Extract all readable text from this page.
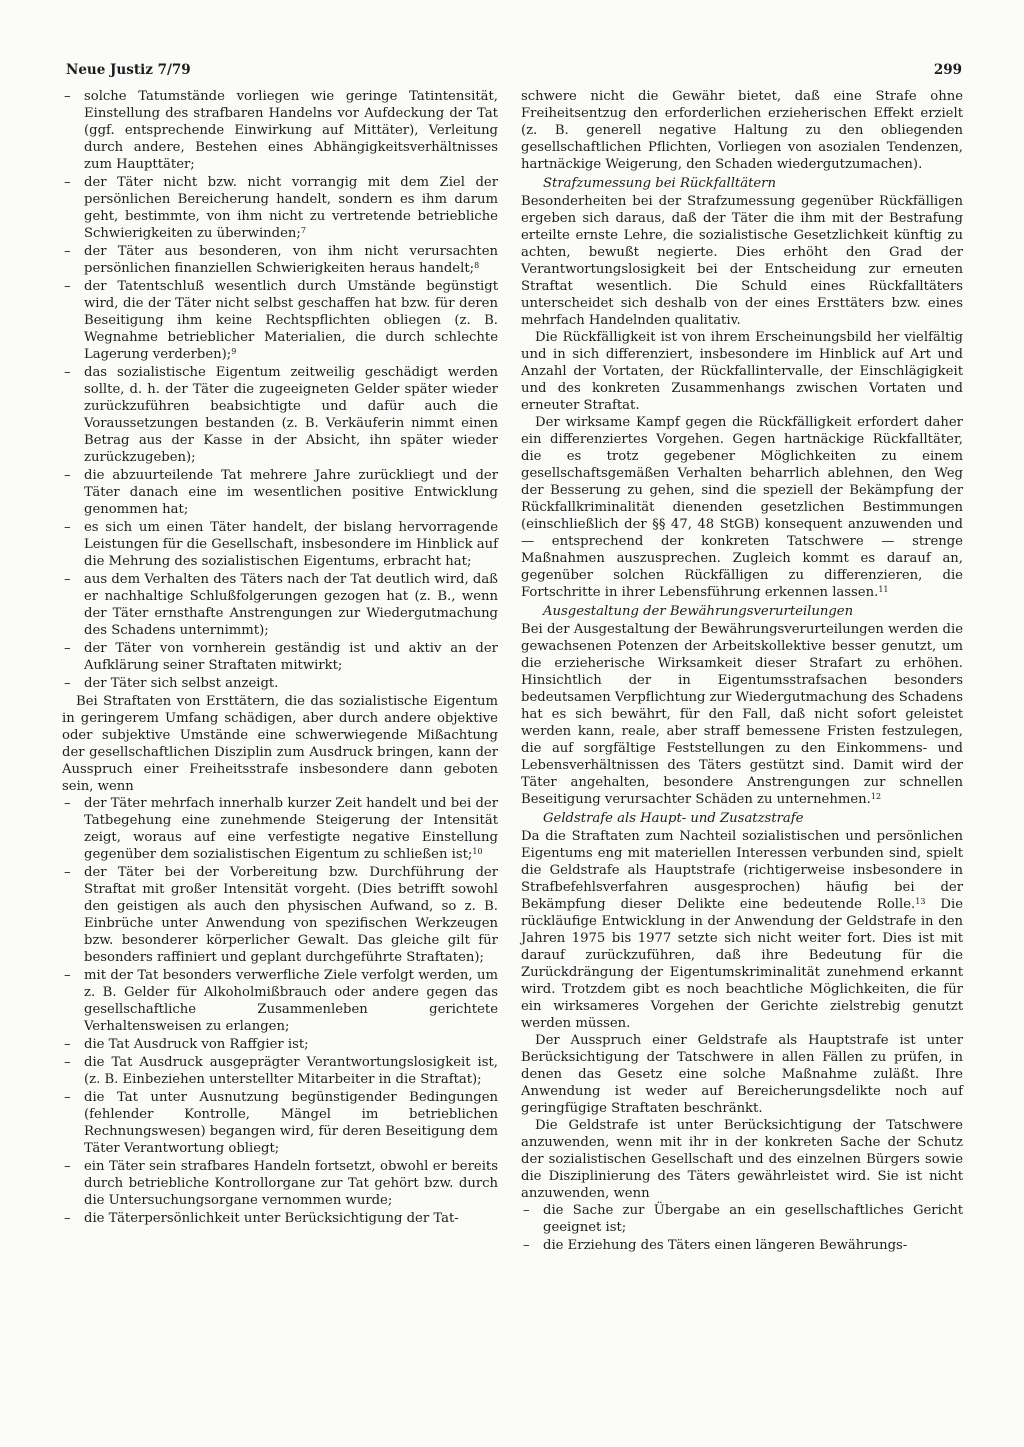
Neue Justiz 7/79	299
– solche Tatumstände vorliegen wie geringe Tatintensität, Einstellung des strafbaren Handelns vor Aufdeckung der Tat (ggf. entsprechende Einwirkung auf Mittäter), Verleitung durch andere, Bestehen eines Abhängigkeitsverhältnisses zum Haupttäter;
– der Täter nicht bzw. nicht vorrangig mit dem Ziel der persönlichen Bereicherung handelt, sondern es ihm darum geht, bestimmte, von ihm nicht zu vertretende betriebliche Schwierigkeiten zu überwinden;$^7$
– der Täter aus besonderen, von ihm nicht verursachten persönlichen finanziellen Schwierigkeiten heraus handelt;$^8$
– der Tatentschluß wesentlich durch Umstände begünstigt wird, die der Täter nicht selbst geschaffen hat bzw. für deren Beseitigung ihm keine Rechtspflichten obliegen (z. B. Wegnahme betrieblicher Materialien, die durch schlechte Lagerung verderben);$^9$
– das sozialistische Eigentum zeitweilig geschädigt werden sollte, d. h. der Täter die zugeeigneten Gelder später wieder zurückzuführen beabsichtigte und dafür auch die Voraussetzungen bestanden (z. B. Verkäuferin nimmt einen Betrag aus der Kasse in der Absicht, ihn später wieder zurückzugeben);
– die abzuurteilende Tat mehrere Jahre zurückliegt und der Täter danach eine im wesentlichen positive Entwicklung genommen hat;
– es sich um einen Täter handelt, der bislang hervorragende Leistungen für die Gesellschaft, insbesondere im Hinblick auf die Mehrung des sozialistischen Eigentums, erbracht hat;
– aus dem Verhalten des Täters nach der Tat deutlich wird, daß er nachhaltige Schlußfolgerungen gezogen hat (z. B., wenn der Täter ernsthafte Anstrengungen zur Wiedergutmachung des Schadens unternimmt);
– der Täter von vornherein geständig ist und aktiv an der Aufklärung seiner Straftaten mitwirkt;
– der Täter sich selbst anzeigt.

Bei Straftaten von Ersttätern, die das sozialistische Eigentum in geringerem Umfang schädigen, aber durch andere objektive oder subjektive Umstände eine schwerwiegende Mißachtung der gesellschaftlichen Disziplin zum Ausdruck bringen, kann der Ausspruch einer Freiheitsstrafe insbesondere dann geboten sein, wenn

– der Täter mehrfach innerhalb kurzer Zeit handelt und bei der Tatbegehung eine zunehmende Steigerung der Intensität zeigt, woraus auf eine verfestigte negative Einstellung gegenüber dem sozialistischen Eigentum zu schließen ist;$^{10}$
– der Täter bei der Vorbereitung bzw. Durchführung der Straftat mit großer Intensität vorgeht. (Dies betrifft sowohl den geistigen als auch den physischen Aufwand, so z. B. Einbrüche unter Anwendung von spezifischen Werkzeugen bzw. besonderer körperlicher Gewalt. Das gleiche gilt für besonders raffiniert und geplant durchgeführte Straftaten);
– mit der Tat besonders verwerfliche Ziele verfolgt werden, um z. B. Gelder für Alkoholmißbrauch oder andere gegen das gesellschaftliche Zusammenleben gerichtete Verhaltensweisen zu erlangen;
– die Tat Ausdruck von Raffgier ist;
– die Tat Ausdruck ausgeprägter Verantwortungslosigkeit ist, (z. B. Einbeziehen unterstellter Mitarbeiter in die Straftat);
– die Tat unter Ausnutzung begünstigender Bedingungen (fehlender Kontrolle, Mängel im betrieblichen Rechnungswesen) begangen wird, für deren Beseitigung dem Täter Verantwortung obliegt;
– ein Täter sein strafbares Handeln fortsetzt, obwohl er bereits durch betriebliche Kontrollorgane zur Tat gehört bzw. durch die Untersuchungsorgane vernommen wurde;
– die Täterpersönlichkeit unter Berücksichtigung der Tat-

schwere nicht die Gewähr bietet, daß eine Strafe ohne Freiheitsentzug den erforderlichen erzieherischen Effekt erzielt (z. B. generell negative Haltung zu den obliegenden gesellschaftlichen Pflichten, Vorliegen von asozialen Tendenzen, hartnäckige Weigerung, den Schaden wiedergutzumachen).

Strafzumessung bei Rückfalltätern

Besonderheiten bei der Strafzumessung gegenüber Rückfälligen ergeben sich daraus, daß der Täter die ihm mit der Bestrafung erteilte ernste Lehre, die sozialistische Gesetzlichkeit künftig zu achten, bewußt negierte. Dies erhöht den Grad der Verantwortungslosigkeit bei der Entscheidung zur erneuten Straftat wesentlich. Die Schuld eines Rückfalltäters unterscheidet sich deshalb von der eines Ersttäters bzw. eines mehrfach Handelnden qualitativ.

Die Rückfälligkeit ist von ihrem Erscheinungsbild her vielfältig und in sich differenziert, insbesondere im Hinblick auf Art und Anzahl der Vortaten, der Rückfallintervalle, der Einschlägigkeit und des konkreten Zusammenhangs zwischen Vortaten und erneuter Straftat.

Der wirksame Kampf gegen die Rückfälligkeit erfordert daher ein differenziertes Vorgehen. Gegen hartnäckige Rückfalltäter, die es trotz gegebener Möglichkeiten zu einem gesellschaftsgemäßen Verhalten beharrlich ablehnen, den Weg der Besserung zu gehen, sind die speziell der Bekämpfung der Rückfallkriminalität dienenden gesetzlichen Bestimmungen (einschließlich der §§ 47, 48 StGB) konsequent anzuwenden und — entsprechend der konkreten Tatschwere — strenge Maßnahmen auszusprechen. Zugleich kommt es darauf an, gegenüber solchen Rückfälligen zu differenzieren, die Fortschritte in ihrer Lebensführung erkennen lassen.$^{11}$

Ausgestaltung der Bewährungsverurteilungen

Bei der Ausgestaltung der Bewährungsverurteilungen werden die gewachsenen Potenzen der Arbeitskollektive besser genutzt, um die erzieherische Wirksamkeit dieser Strafart zu erhöhen. Hinsichtlich der in Eigentumsstrafsachen besonders bedeutsamen Verpflichtung zur Wiedergutmachung des Schadens hat es sich bewährt, für den Fall, daß nicht sofort geleistet werden kann, reale, aber straff bemessene Fristen festzulegen, die auf sorgfältige Feststellungen zu den Einkommens- und Lebensverhältnissen des Täters gestützt sind. Damit wird der Täter angehalten, besondere Anstrengungen zur schnellen Beseitigung verursachter Schäden zu unternehmen.$^{12}$

Geldstrafe als Haupt- und Zusatzstrafe

Da die Straftaten zum Nachteil sozialistischen und persönlichen Eigentums eng mit materiellen Interessen verbunden sind, spielt die Geldstrafe als Hauptstrafe (richtigerweise insbesondere in Strafbefehlsverfahren ausgesprochen) häufig bei der Bekämpfung dieser Delikte eine bedeutende Rolle.$^{13}$ Die rückläufige Entwicklung in der Anwendung der Geldstrafe in den Jahren 1975 bis 1977 setzte sich nicht weiter fort. Dies ist mit darauf zurückzuführen, daß ihre Bedeutung für die Zurückdrängung der Eigentumskriminalität zunehmend erkannt wird. Trotzdem gibt es noch beachtliche Möglichkeiten, die für ein wirksameres Vorgehen der Gerichte zielstrebig genutzt werden müssen.

Der Ausspruch einer Geldstrafe als Hauptstrafe ist unter Berücksichtigung der Tatschwere in allen Fällen zu prüfen, in denen das Gesetz eine solche Maßnahme zuläßt. Ihre Anwendung ist weder auf Bereicherungsdelikte noch auf geringfügige Straftaten beschränkt.

Die Geldstrafe ist unter Berücksichtigung der Tatschwere anzuwenden, wenn mit ihr in der konkreten Sache der Schutz der sozialistischen Gesellschaft und des einzelnen Bürgers sowie die Disziplinierung des Täters gewährleistet wird. Sie ist nicht anzuwenden, wenn

– die Sache zur Übergabe an ein gesellschaftliches Gericht geeignet ist;
– die Erziehung des Täters einen längeren Bewährungs-
